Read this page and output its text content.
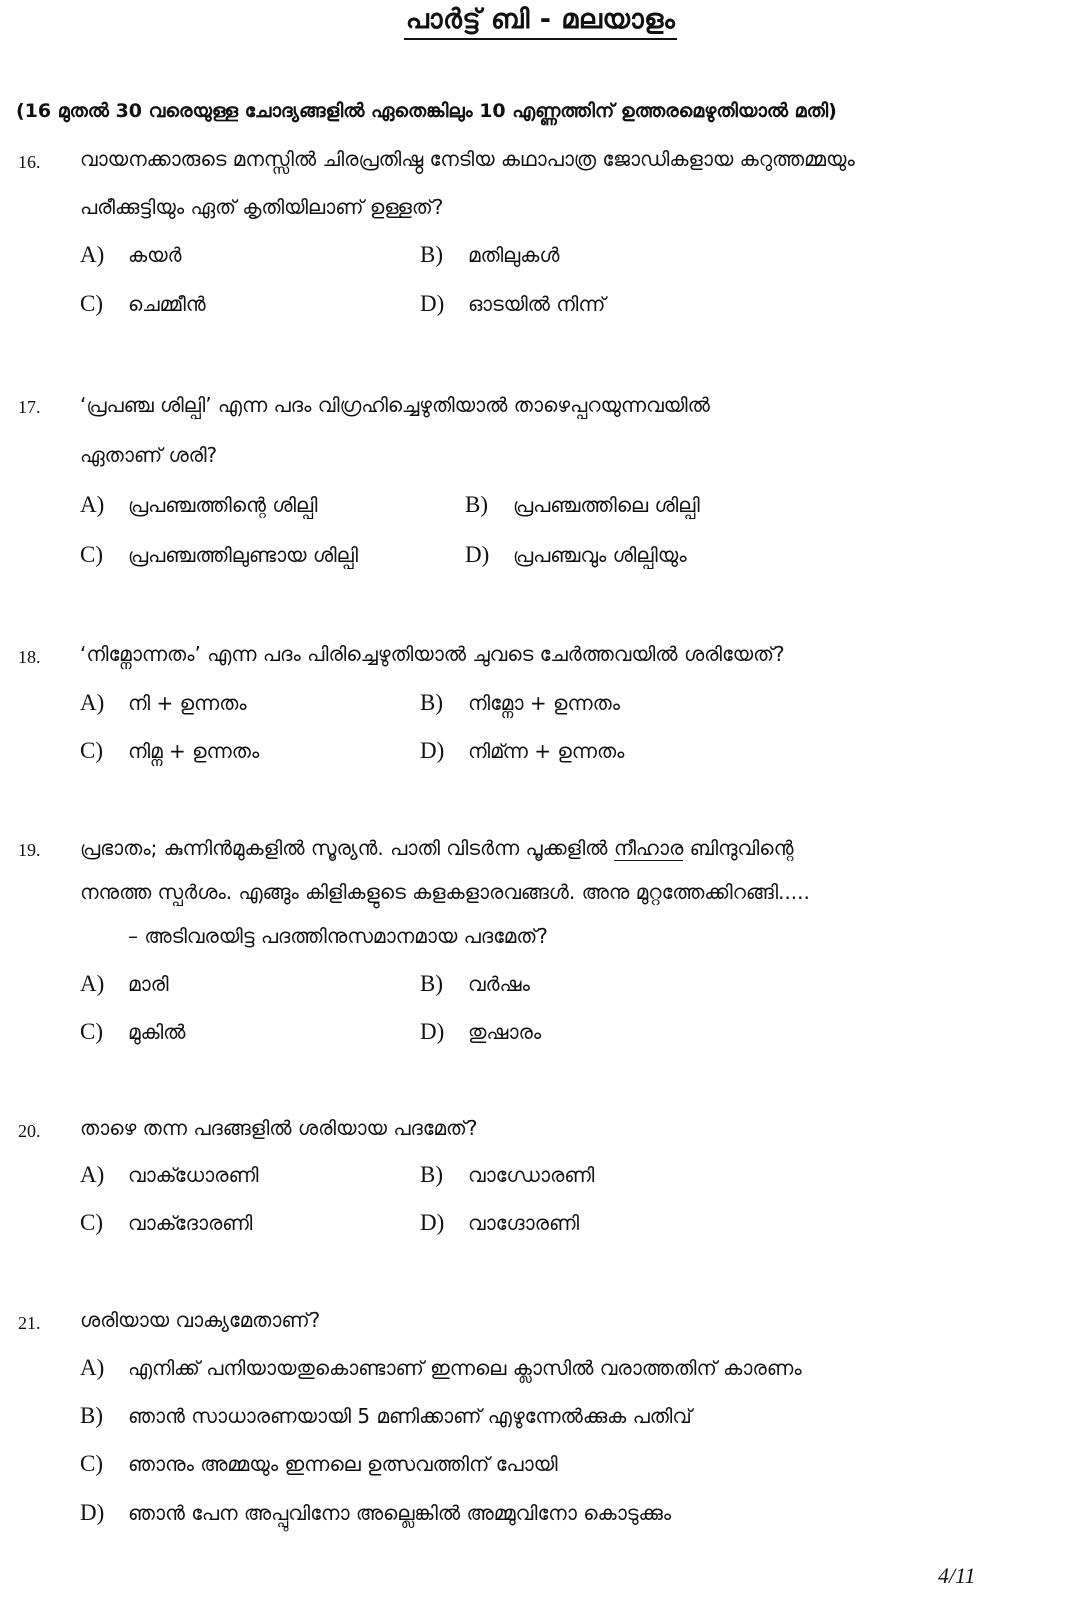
പാർട്ട് ബി - മലയാളം
(16 മുതൽ 30 വരെയുള്ള ചോദ്യങ്ങളിൽ ഏതെങ്കിലും 10 എണ്ണത്തിന് ഉത്തരമെഴുതിയാൽ മതി)
16. വായനക്കാരുടെ മനസ്സിൽ ചിരപ്രതിഷ്ഠ നേടിയ കഥാപാത്ര ജോഡികളായ കറുത്തമ്മയും
പരീക്കുട്ടിയും ഏത് കൃതിയിലാണ് ഉള്ളത്?
A) കയർ	B) മതിലുകൾ
C) ചെമ്മീൻ	D) ഓടയിൽ നിന്ന്
17. ‘പ്രപഞ്ച ശില്പി’ എന്ന പദം വിഗ്രഹിച്ചെഴുതിയാൽ താഴെപ്പറയുന്നവയിൽ
ഏതാണ് ശരി?
A) പ്രപഞ്ചത്തിന്റെ ശില്പി	B) പ്രപഞ്ചത്തിലെ ശില്പി
C) പ്രപഞ്ചത്തിലുണ്ടായ ശില്പി	D) പ്രപഞ്ചവും ശില്പിയും
18. ‘നിമ്നോന്നതം’ എന്ന പദം പിരിച്ചെഴുതിയാൽ ചുവടെ ചേർത്തവയിൽ ശരിയേത്?
A) നി + ഉന്നതം	B) നിമ്നോ + ഉന്നതം
C) നിമ്ന + ഉന്നതം	D) നിമ്ന്ന + ഉന്നതം
19. പ്രഭാതം; കുന്നിൻമുകളിൽ സൂര്യൻ. പാതി വിടർന്ന പൂക്കളിൽ നീഹാര ബിന്ദുവിന്റെ
നനുത്ത സ്പർശം. എങ്ങും കിളികളുടെ കളകളാരവങ്ങൾ. അനു മുറ്റത്തേക്കിറങ്ങി.....
– അടിവരയിട്ട പദത്തിനുസമാനമായ പദമേത്?
A) മാരി	B) വർഷം
C) മുകിൽ	D) തുഷാരം
20. താഴെ തന്ന പദങ്ങളിൽ ശരിയായ പദമേത്?
A) വാക്ധോരണി	B) വാഗ്ധോരണി
C) വാക്ദോരണി	D) വാഗ്ദോരണി
21. ശരിയായ വാക്യമേതാണ്?
A) എനിക്ക് പനിയായതുകൊണ്ടാണ് ഇന്നലെ ക്ലാസിൽ വരാത്തതിന് കാരണം
B) ഞാൻ സാധാരണയായി 5 മണിക്കാണ് എഴുന്നേൽക്കുക പതിവ്
C) ഞാനും അമ്മയും ഇന്നലെ ഉത്സവത്തിന് പോയി
D) ഞാൻ പേന അപ്പുവിനോ അല്ലെങ്കിൽ അമ്മുവിനോ കൊടുക്കും
4/11
